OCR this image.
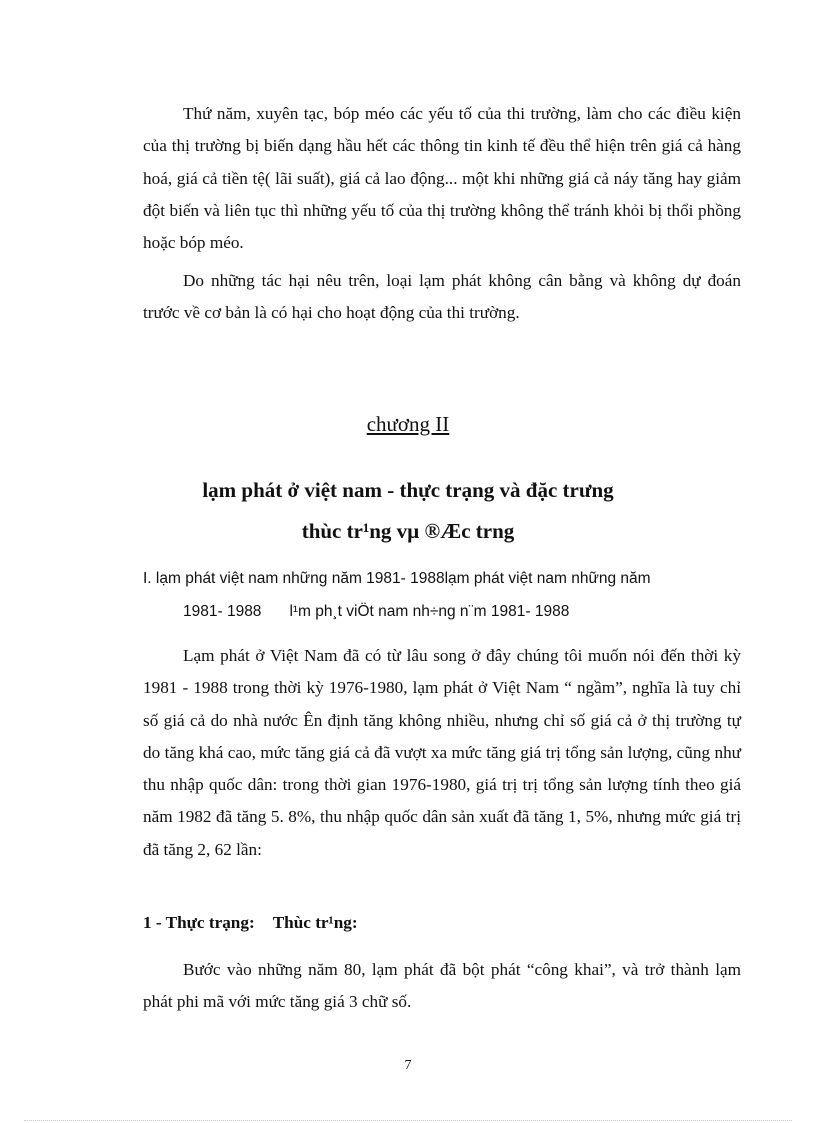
Thứ năm, xuyên tạc, bóp méo các yếu tố của thi trường, làm cho các điều kiện của thị trường bị biến dạng hầu hết các thông tin kinh tế đều thể hiện trên giá cả hàng hoá, giá cả tiền tệ( lãi suất), giá cả lao động... một khi những giá cả náy tăng hay giảm đột biến và liên tục thì những yếu tố của thị trường không thể tránh khỏi bị thổi phồng hoặc bóp méo.

Do những tác hại nêu trên, loại lạm phát không cân bằng và không dự đoán trước về cơ bản là có hại cho hoạt động của thi trường.

chương II

lạm phát ở việt nam - thực trạng và đặc trưng

thùc tr¹ng vµ ®Æc trng

I. lạm phát việt nam những năm 1981- 1988lạm phát việt nam những năm

1981- 1988 l¹m ph¸t viÖt nam nh÷ng n¨m 1981- 1988

Lạm phát ở Việt Nam đã có từ lâu song ở đây chúng tôi muốn nói đến thời kỳ 1981 - 1988 trong thời kỳ 1976-1980, lạm phát ở Việt Nam “ ngầm”, nghĩa là tuy chỉ số giá cả do nhà nước Ên định tăng không nhiều, nhưng chỉ số giá cả ở thị trường tự do tăng khá cao, mức tăng giá cả đã vượt xa mức tăng giá trị tổng sản lượng, cũng như thu nhập quốc dân: trong thời gian 1976-1980, giá trị trị tổng sản lượng tính theo giá năm 1982 đã tăng 5. 8%, thu nhập quốc dân sản xuất đã tăng 1, 5%, nhưng mức giá trị đã tăng 2, 62 lần:

1 - Thực trạng: Thùc tr¹ng:

Bước vào những năm 80, lạm phát đã bột phát “công khai”, và trở thành lạm phát phi mã với mức tăng giá 3 chữ số.

7
